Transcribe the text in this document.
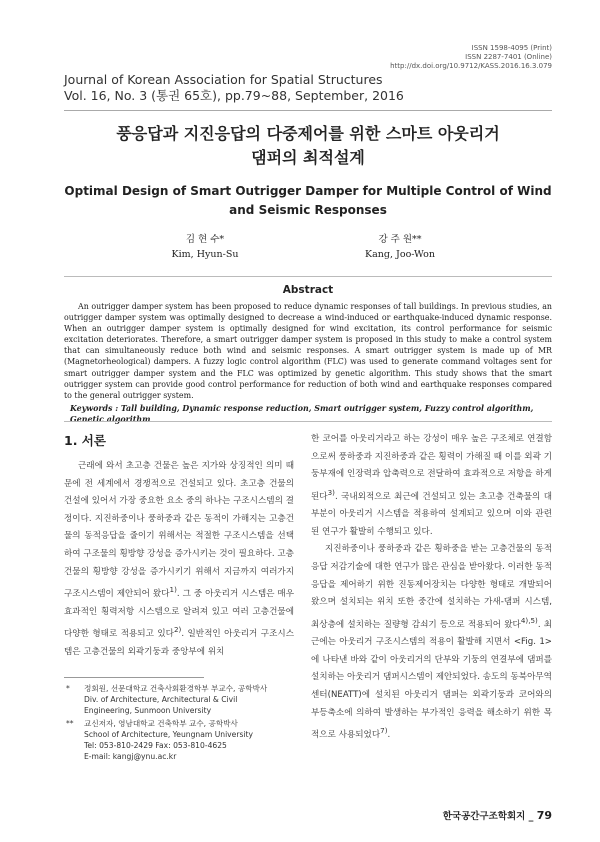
ISSN 1598-4095 (Print)
ISSN 2287-7401 (Online)
http://dx.doi.org/10.9712/KASS.2016.16.3.079
Journal of Korean Association for Spatial Structures
Vol. 16, No. 3 (통권 65호), pp.79~88, September, 2016
풍응답과 지진응답의 다중제어를 위한 스마트 아웃리거
댐퍼의 최적설계
Optimal Design of Smart Outrigger Damper for Multiple Control of Wind
and Seismic Responses
김 현 수*
Kim, Hyun-Su
강 주 원**
Kang, Joo-Won
Abstract
An outrigger damper system has been proposed to reduce dynamic responses of tall buildings. In previous studies, an outrigger damper system was optimally designed to decrease a wind-induced or earthquake-induced dynamic response. When an outrigger damper system is optimally designed for wind excitation, its control performance for seismic excitation deteriorates. Therefore, a smart outrigger damper system is proposed in this study to make a control system that can simultaneously reduce both wind and seismic responses. A smart outrigger system is made up of MR (Magnetorheological) dampers. A fuzzy logic control algorithm (FLC) was used to generate command voltages sent for smart outrigger damper system and the FLC was optimized by genetic algorithm. This study shows that the smart outrigger system can provide good control performance for reduction of both wind and earthquake responses compared to the general outrigger system.
Keywords : Tall building, Dynamic response reduction, Smart outrigger system, Fuzzy control algorithm, Genetic algorithm
1. 서론

근래에 와서 초고층 건물은 높은 지가와 상징적인 의미 때문에 전 세계에서 경쟁적으로 건설되고 있다. 초고층 건물의 건설에 있어서 가장 중요한 요소 중의 하나는 구조시스템의 결정이다. 지진하중이나 풍하중과 같은 동적이 가해지는 고층건물의 동적응답을 줄이기 위해서는 적절한 구조시스템을 선택하여 구조물의 횡방향 강성을 증가시키는 것이 필요하다. 고층건물의 횡방향 강성을 증가시키기 위해서 지금까지 여러가지 구조시스템이 제안되어 왔다$^{1)}$. 그 중 아웃리거 시스템은 매우 효과적인 횡력저항 시스템으로 알려져 있고 여러 고층건물에 다양한 형태로 적용되고 있다$^{2)}$. 일반적인 아웃리거 구조시스템은 고층건물의 외곽기둥과 중앙부에 위치

* 정회원, 선문대학교 건축사회환경학부 부교수, 공학박사
Div. of Architecture, Architectural & Civil
Engineering, Sunmoon University
** 교신저자, 영남대학교 건축학부 교수, 공학박사
School of Architecture, Yeungnam University
Tel: 053-810-2429 Fax: 053-810-4625
E-mail: kangj@ynu.ac.kr

한 코어를 아웃리거라고 하는 강성이 매우 높은 구조체로 연결함으로써 풍하중과 지진하중과 같은 횡력이 가해질 때 이를 외곽 기둥부재에 인장력과 압축력으로 전달하여 효과적으로 저항을 하게 된다$^{3)}$. 국내외적으로 최근에 건설되고 있는 초고층 건축물의 대부분이 아웃리거 시스템을 적용하여 설계되고 있으며 이와 관련된 연구가 활발히 수행되고 있다.

지진하중이나 풍하중과 같은 횡하중을 받는 고층건물의 동적응답 저감기술에 대한 연구가 많은 관심을 받아왔다. 이러한 동적응답을 제어하기 위한 진동제어장치는 다양한 형태로 개발되어 왔으며 설치되는 위치 또한 중간에 설치하는 가새-댐퍼 시스템, 최상층에 설치하는 질량형 감쇠기 등으로 적용되어 왔다$^{4),5)}$. 최근에는 아웃리거 구조시스템의 적용이 활발해 지면서 <Fig. 1>에 나타낸 바와 같이 아웃리거의 단부와 기둥의 연결부에 댐퍼를 설치하는 아웃리거 댐퍼시스템이 제안되었다. 송도의 동북아무역센터(NEATT)에 설치된 아웃리거 댐퍼는 외곽기둥과 코어와의 부등축소에 의하여 발생하는 부가적인 응력을 해소하기 위한 목적으로 사용되었다$^{7)}$.

한국공간구조학회지 _ 79
